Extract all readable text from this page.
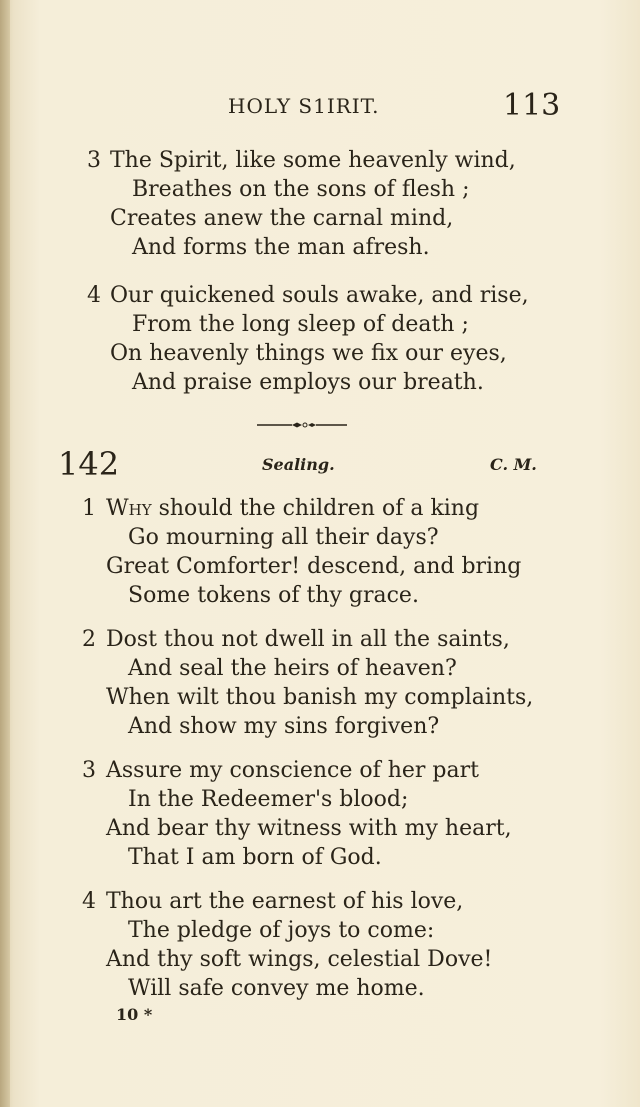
HOLY S1IRIT.	113
3 The Spirit, like some heavenly wind,
Breathes on the sons of flesh ;
Creates anew the carnal mind,
And forms the man afresh.
4 Our quickened souls awake, and rise,
From the long sleep of death ;
On heavenly things we fix our eyes,
And praise employs our breath.
142	Sealing.	C. M.
1 Why should the children of a king
Go mourning all their days?
Great Comforter! descend, and bring
Some tokens of thy grace.
2 Dost thou not dwell in all the saints,
And seal the heirs of heaven?
When wilt thou banish my complaints,
And show my sins forgiven?
3 Assure my conscience of her part
In the Redeemer's blood;
And bear thy witness with my heart,
That I am born of God.
4 Thou art the earnest of his love,
The pledge of joys to come:
And thy soft wings, celestial Dove!
Will safe convey me home.
10 *
